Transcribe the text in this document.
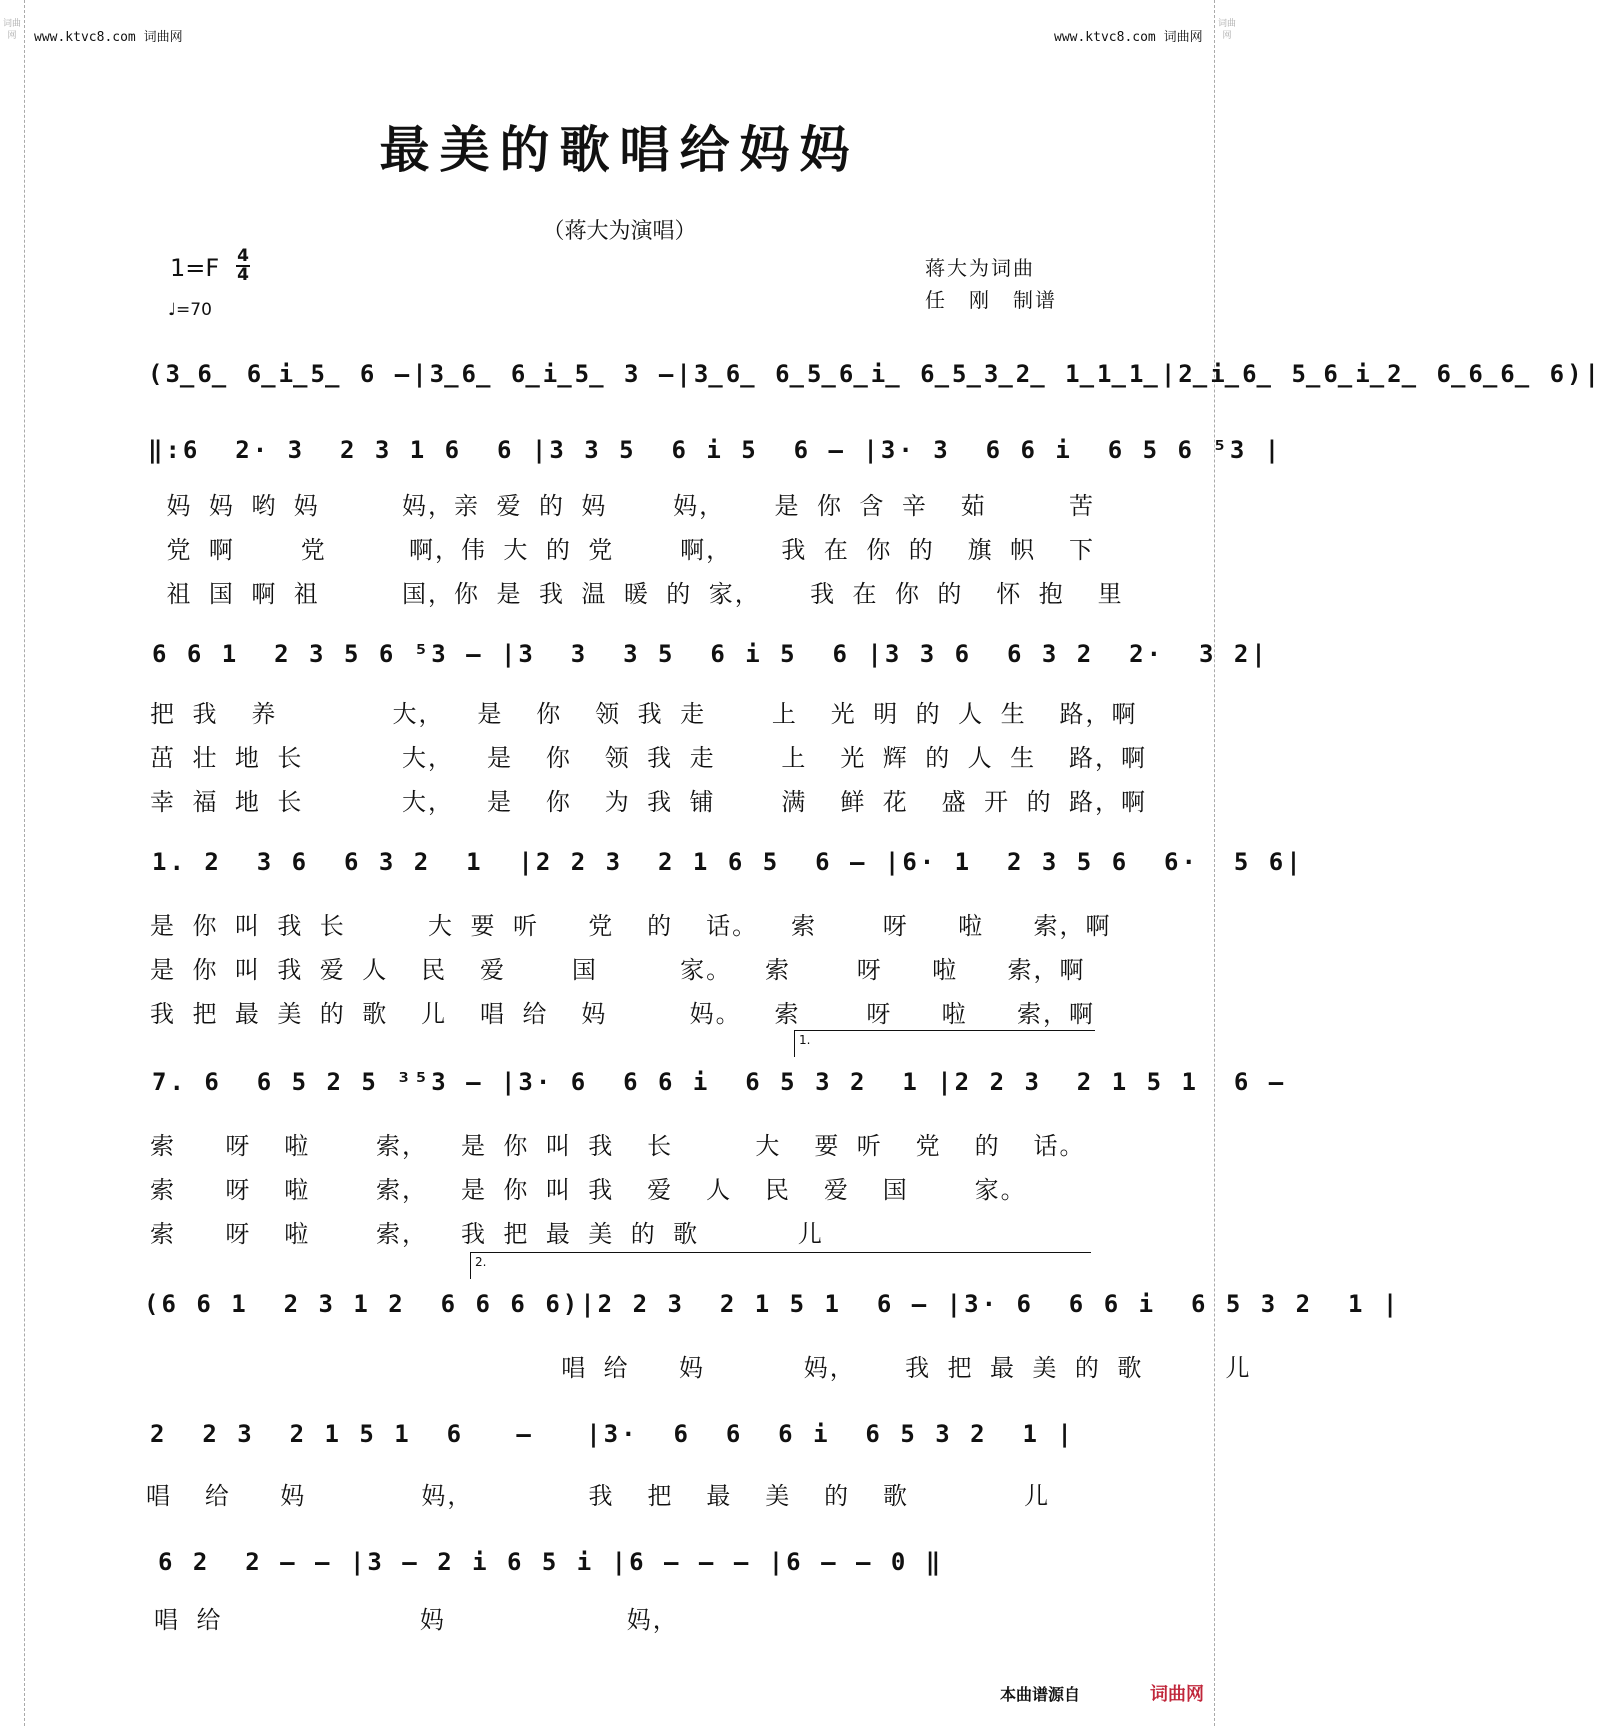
词曲网
词曲网
www.ktvc8.com 词曲网	www.ktvc8.com 词曲网
最美的歌唱给妈妈
（蒋大为演唱）
1=F 4
4
♩=70
蒋大为词曲
任　刚　制谱
(3̲6̲ 6̲i̲5̲ 6 –|3̲6̲ 6̲i̲5̲ 3 –|3̲6̲ 6̲5̲6̲i̲ 6̲5̲3̲2̲ 1̲1̲1̲|2̲i̲6̲ 5̲6̲i̲2̲ 6̲6̲6̲ 6)|
‖:6  2· 3  2 3 1 6  6 |3 3 5  6 i 5  6 – |3· 3  6 6 i  6 5 6 ⁵3 |
妈 妈 哟 妈     妈，亲 爱 的 妈    妈，   是 你 含 辛  茹     苦
党 啊    党     啊，伟 大 的 党    啊，   我 在 你 的  旗 帜  下
祖 国 啊 祖     国，你 是 我 温 暖 的 家，   我 在 你 的  怀 抱  里
6 6 1  2 3 5 6 ⁵3 – |3  3  3 5  6 i 5  6 |3 3 6  6 3 2  2·  3 2|
把 我  养       大，  是  你  领 我 走    上  光 明 的 人 生  路，啊
茁 壮 地 长      大，  是  你  领 我 走    上  光 辉 的 人 生  路，啊
幸 福 地 长      大，  是  你  为 我 铺    满  鲜 花  盛 开 的 路，啊
1. 2  3 6  6 3 2  1  |2 2 3  2 1 6 5  6 – |6· 1  2 3 5 6  6·  5 6|
是 你 叫 我 长     大 要 听   党  的  话。  索    呀   啦   索，啊
是 你 叫 我 爱 人  民  爱    国     家。  索    呀   啦   索，啊
我 把 最 美 的 歌  儿  唱 给  妈     妈。  索    呀   啦   索，啊
1.
7. 6  6 5 2 5 ³⁵3 – |3· 6  6 6 i  6 5 3 2  1 |2 2 3  2 1 5 1  6 –
索   呀  啦    索，  是 你 叫 我  长     大  要 听  党  的  话。
索   呀  啦    索，  是 你 叫 我  爱  人  民  爱  国    家。
索   呀  啦    索，  我 把 最 美 的 歌      儿
2.
(6 6 1  2 3 1 2  6 6 6 6)|2 2 3  2 1 5 1  6 – |3· 6  6 6 i  6 5 3 2  1 |
唱 给   妈      妈，   我 把 最 美 的 歌     儿
2  2 3  2 1 5 1  6   –   |3·  6  6  6 i  6 5 3 2  1 |
唱  给   妈       妈，       我  把  最  美  的  歌       儿
6 2  2 – – |3 – 2 i 6 5 i |6 – – – |6 – – 0 ‖
唱 给            妈           妈，
本曲谱源自	词曲网
